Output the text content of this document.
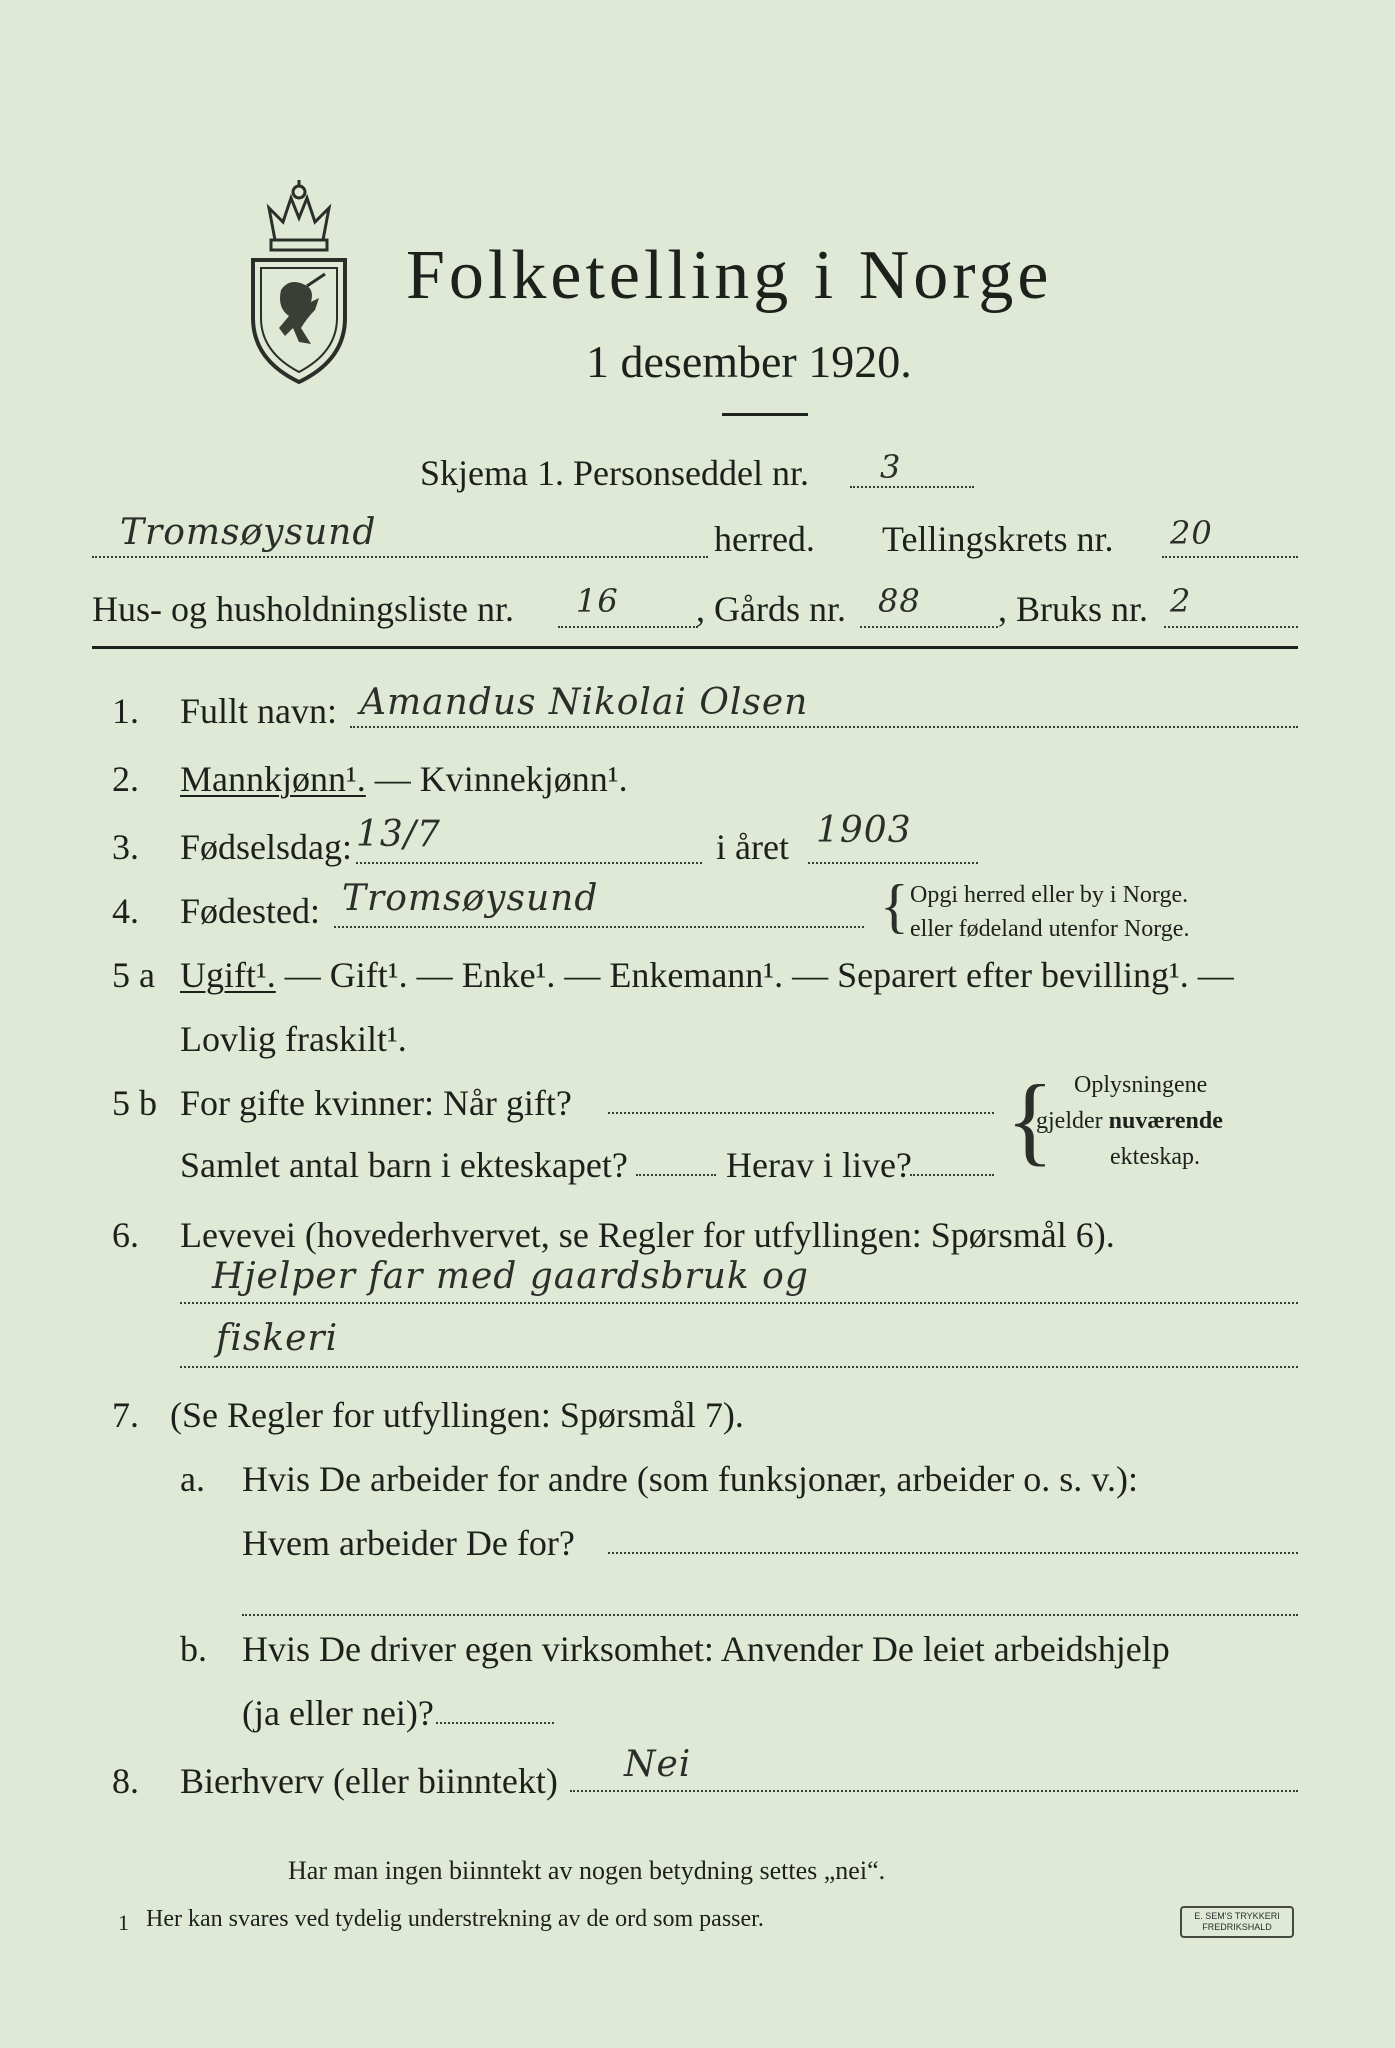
Folketelling i Norge
1 desember 1920.
Skjema 1. Personseddel nr. 3
Tromsøysund	herred. Tellingskrets nr. 20
Hus- og husholdningsliste nr. 16 , Gårds nr. 88 , Bruks nr. 2
1. Fullt navn: Amandus Nikolai Olsen
2. Mannkjønn¹. — Kvinnekjønn¹.
3. Fødselsdag: 13/7	i året 1903
4. Fødested: Tromsøysund	{ Opgi herred eller by i Norge.
eller fødeland utenfor Norge.
5 a Ugift¹. — Gift¹. — Enke¹. — Enkemann¹. — Separert efter bevilling¹. —
Lovlig fraskilt¹.
5 b For gifte kvinner: Når gift?
Samlet antal barn i ekteskapet?	Herav i live? { Oplysningene
gjelder nuværende
ekteskap.
6. Levevei (hovederhvervet, se Regler for utfyllingen: Spørsmål 6).
Hjelper far med gaardsbruk og
fiskeri
7. (Se Regler for utfyllingen: Spørsmål 7).
a. Hvis De arbeider for andre (som funksjonær, arbeider o. s. v.):
Hvem arbeider De for?
b. Hvis De driver egen virksomhet: Anvender De leiet arbeidshjelp
(ja eller nei)?
8. Bierhverv (eller biinntekt) Nei
Har man ingen biinntekt av nogen betydning settes „nei“.
1 Her kan svares ved tydelig understrekning av de ord som passer.	E. SEM'S TRYKKERI
FREDRIKSHALD
